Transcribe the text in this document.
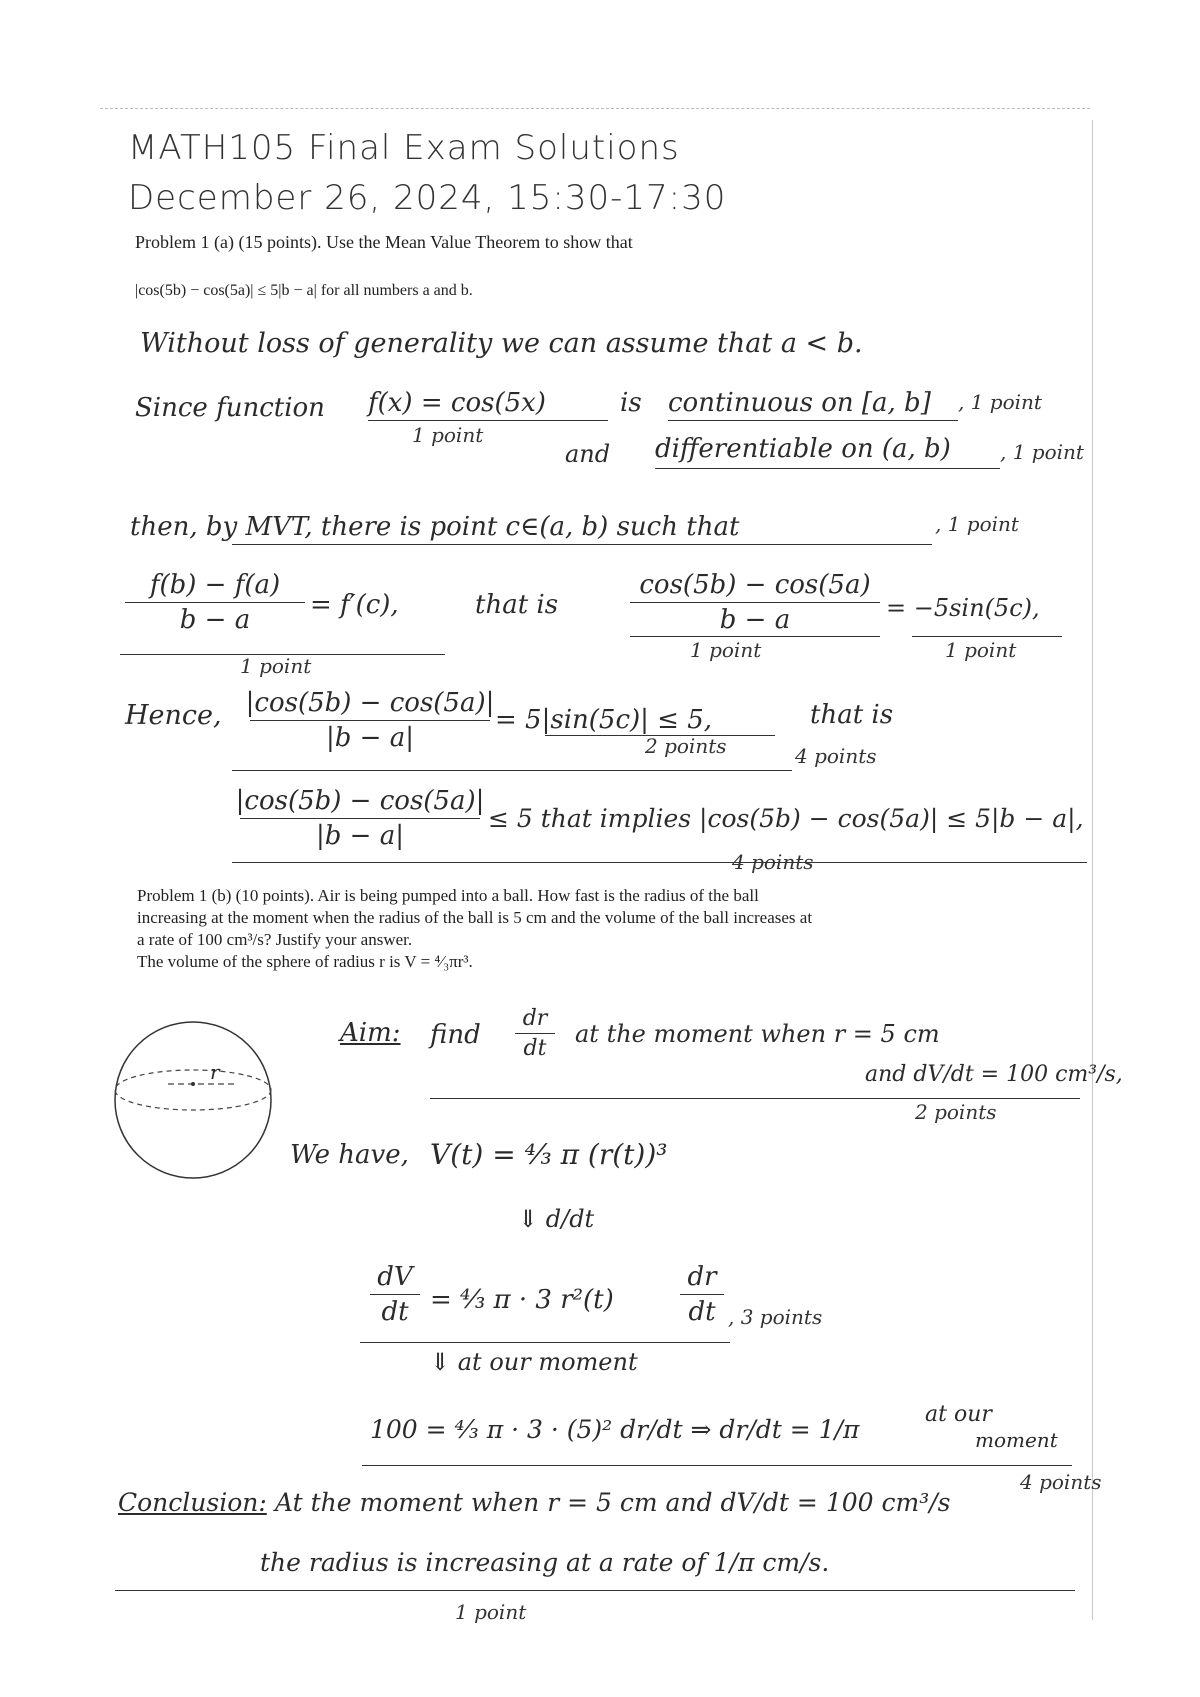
MATH105 Final Exam Solutions
December 26, 2024, 15:30-17:30
Problem 1 (a) (15 points). Use the Mean Value Theorem to show that
|cos(5b) − cos(5a)| ≤ 5|b − a| for all numbers a and b.
Without loss of generality we can assume that a < b.
Since function f(x) = cos(5x)
1 point
is continuous on [a, b] , 1 point
and differentiable on (a, b) , 1 point
then, by MVT, there is point c∈(a, b) such that	, 1 point
f(b) − f(a)
b − a = f′(c),	that is
cos(5b) − cos(5a)
b − a	= −5sin(5c),
1 point
1 point	1 point
Hence, |cos(5b) − cos(5a)|
|b − a|
= 5|sin(5c)| ≤ 5,	that is
2 points	4 points
|cos(5b) − cos(5a)|
|b − a|
≤ 5 that implies |cos(5b) − cos(5a)| ≤ 5|b − a|,
4 points
Problem 1 (b) (10 points). Air is being pumped into a ball. How fast is the radius of the ball
increasing at the moment when the radius of the ball is 5 cm and the volume of the ball increases at
a rate of 100 cm³/s? Justify your answer.
The volume of the sphere of radius r is V = ⁴⁄₃πr³.
r
Aim: find
dr
dt
at the moment when r = 5 cm
and dV/dt = 100 cm³/s,
2 points
We have, V(t) = ⁴⁄₃ π (r(t))³
⇓ d/dt
dV
dt = ⁴⁄₃ π · 3 r²(t)
dr
dt , 3 points
⇓ at our moment
100 = ⁴⁄₃ π · 3 · (5)² dr/dt ⇒ dr/dt = 1/π
at our
moment
4 points
Conclusion: At the moment when r = 5 cm and dV/dt = 100 cm³/s
the radius is increasing at a rate of 1/π cm/s.
1 point
